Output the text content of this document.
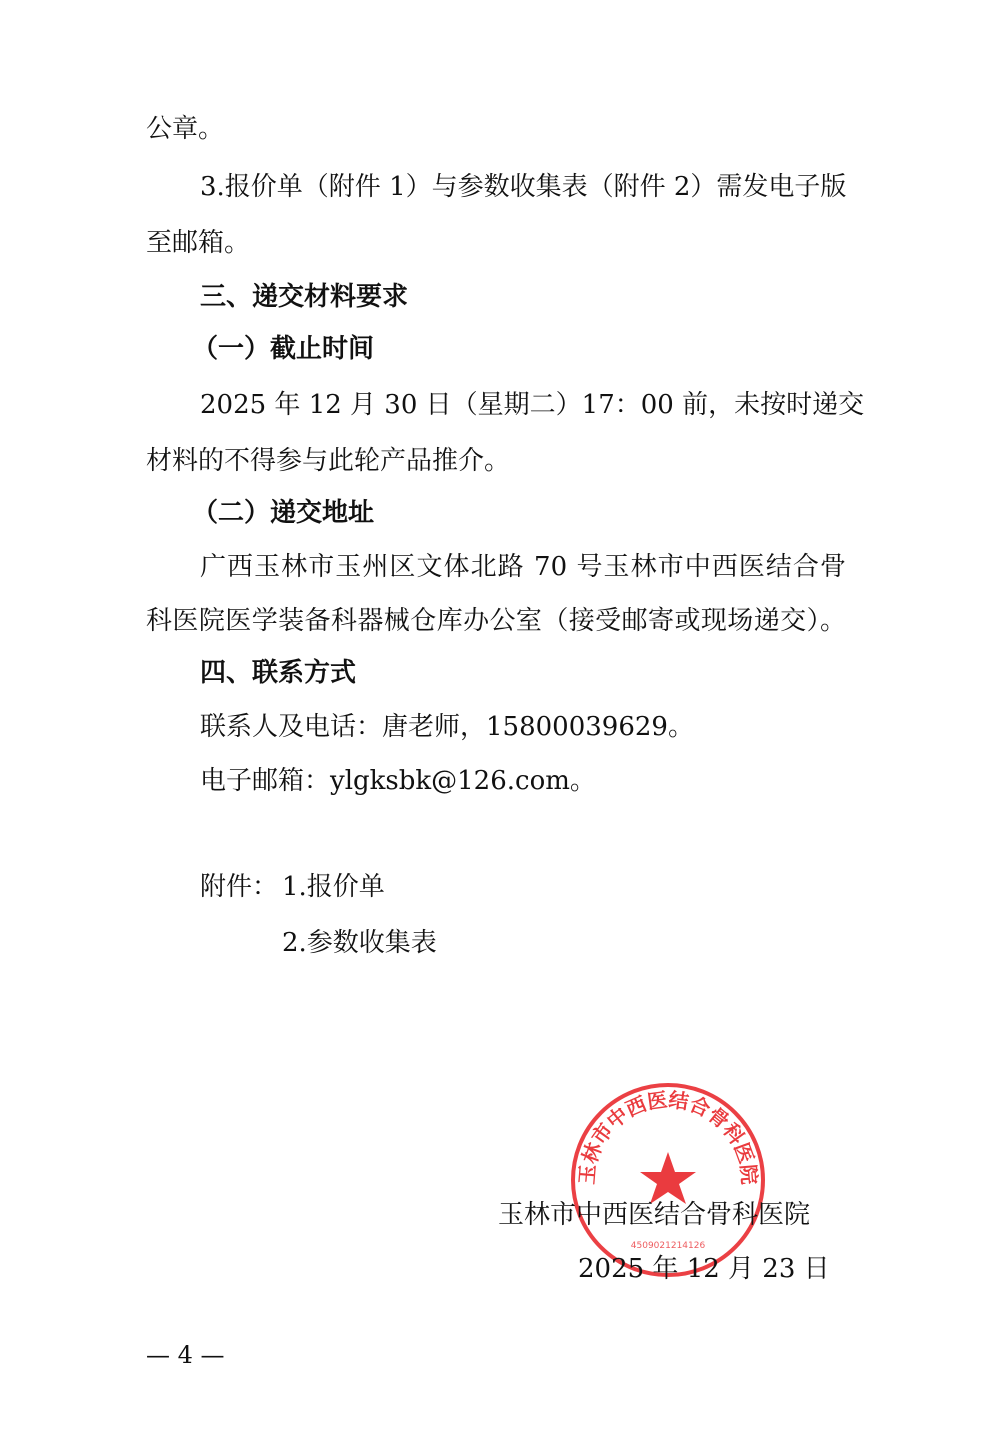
公章。
3.报价单（附件 1）与参数收集表（附件 2）需发电子版
至邮箱。
三、递交材料要求
（一）截止时间
2025 年 12 月 30 日（星期二）17：00 前，未按时递交
材料的不得参与此轮产品推介。
（二）递交地址
广西玉林市玉州区文体北路 70 号玉林市中西医结合骨
科医院医学装备科器械仓库办公室（接受邮寄或现场递交）。
四、联系方式
联系人及电话：唐老师，15800039629。
电子邮箱：ylgksbk@126.com。
附件： 1.报价单
2.参数收集表
玉林市中西医结合骨科医院
4509021214126
玉林市中西医结合骨科医院
2025 年 12 月 23 日
— 4 —
